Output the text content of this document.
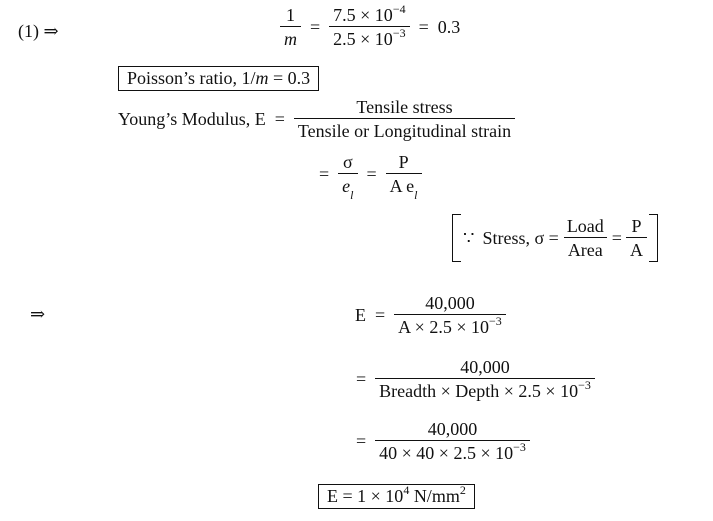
(1) ⇒	$\frac{1}{m} = \frac{7.5 \times 10^{-4}}{2.5 \times 10^{-3}} = 0.3$
Poisson’s ratio, 1/m = 0.3
Young’s Modulus, $E = \frac{\text{Tensile stress}}{\text{Tensile or Longitudinal strain}}$
= $\frac{\sigma}{e_l} = \frac{P}{A e_l}$
∵ Stress, $\sigma = \frac{\text{Load}}{\text{Area}} = \frac{P}{A}$
⇒	$E = \frac{40,000}{A \times 2.5 \times 10^{-3}}$
= $\frac{40,000}{Breadth \times Depth \times 2.5 \times 10^{-3}}$
= $\frac{40,000}{40 \times 40 \times 2.5 \times 10^{-3}}$
$E = 1 \times 10^4$ $N/mm^2$
